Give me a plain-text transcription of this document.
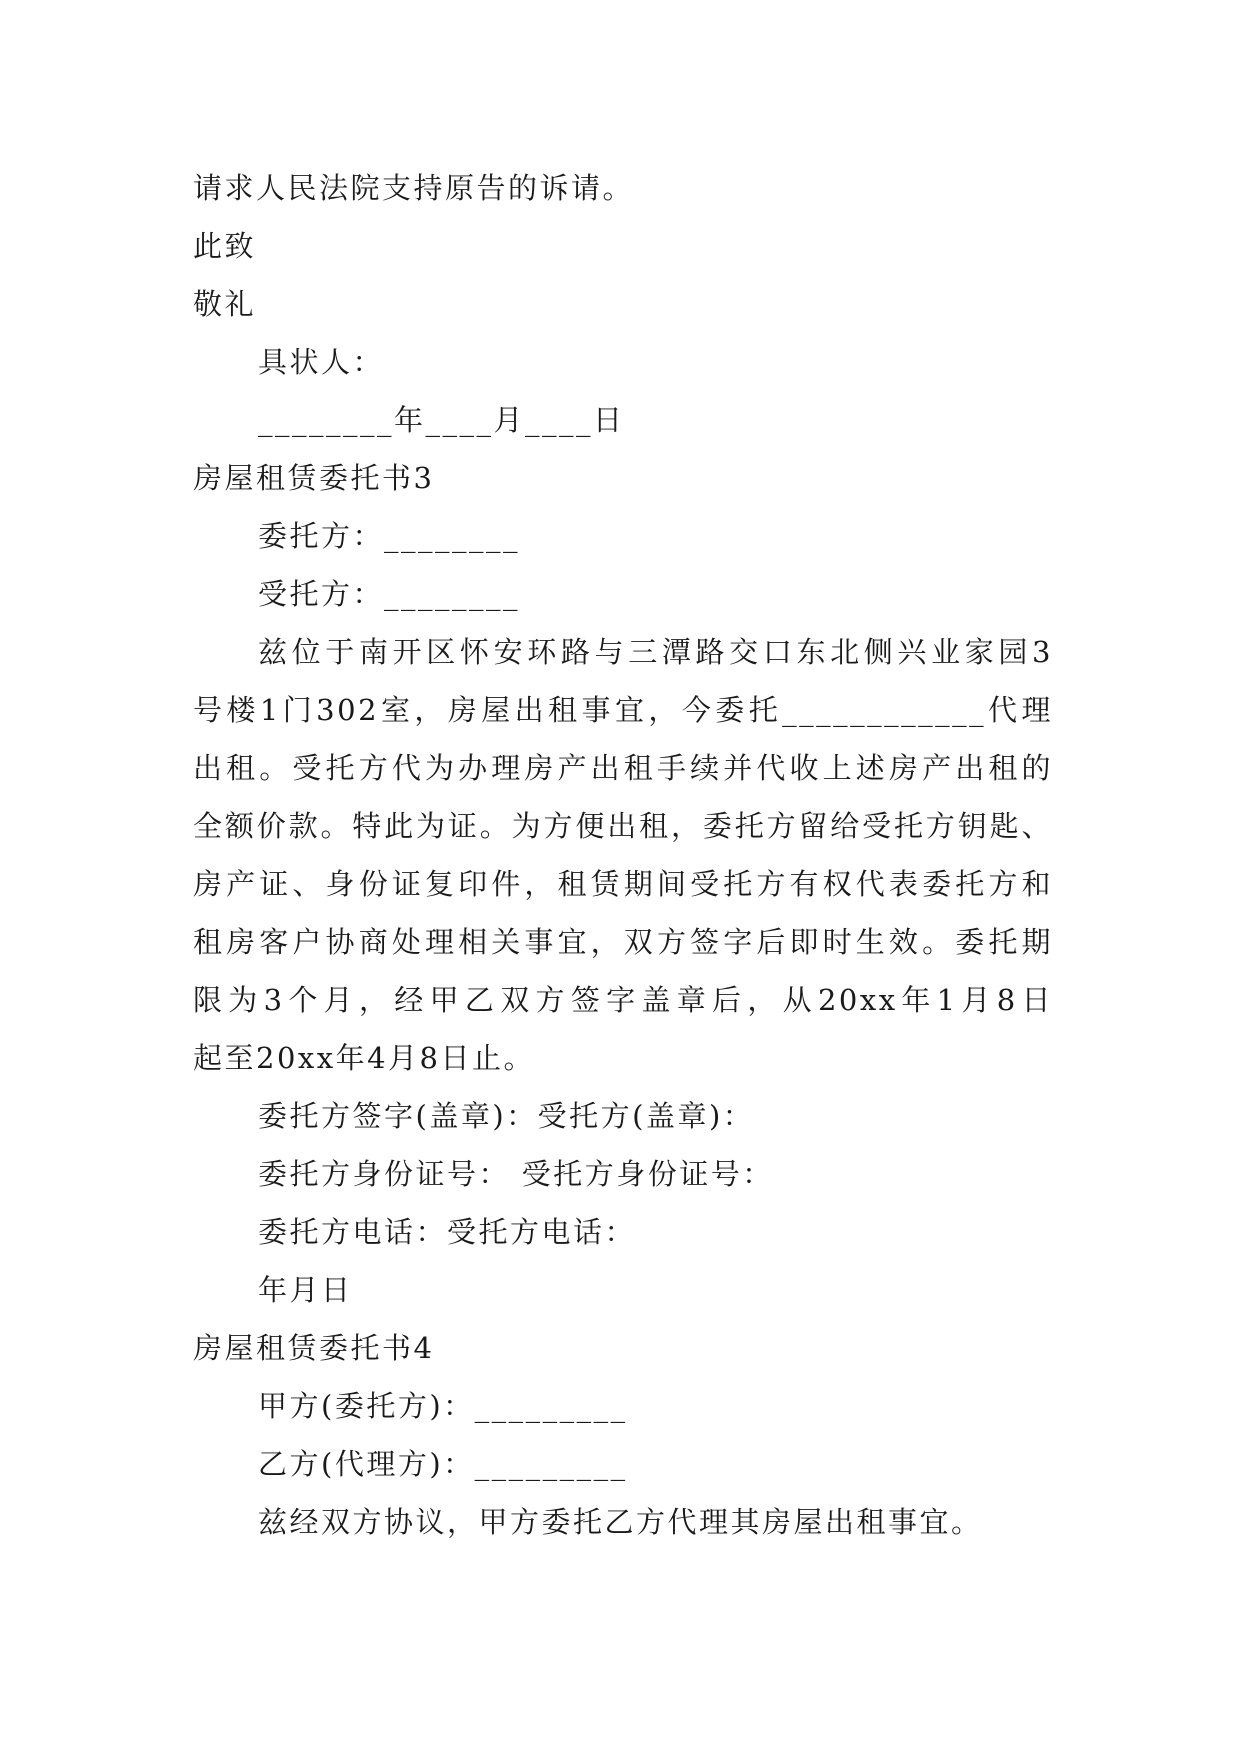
请求人民法院支持原告的诉请。
此致
敬礼
具状人：
________年____月____日
房屋租赁委托书3
委托方：________
受托方：________
兹位于南开区怀安环路与三潭路交口东北侧兴业家园3
号楼1门302室，房屋出租事宜，今委托____________代理
出租。受托方代为办理房产出租手续并代收上述房产出租的
全额价款。特此为证。为方便出租，委托方留给受托方钥匙、
房产证、身份证复印件，租赁期间受托方有权代表委托方和
租房客户协商处理相关事宜，双方签字后即时生效。委托期
限为3个月，经甲乙双方签字盖章后，从20xx年1月8日
起至20xx年4月8日止。
委托方签字(盖章)：受托方(盖章)：
委托方身份证号： 受托方身份证号：
委托方电话：受托方电话：
年月日
房屋租赁委托书4
甲方(委托方)：_________
乙方(代理方)：_________
兹经双方协议，甲方委托乙方代理其房屋出租事宜。
